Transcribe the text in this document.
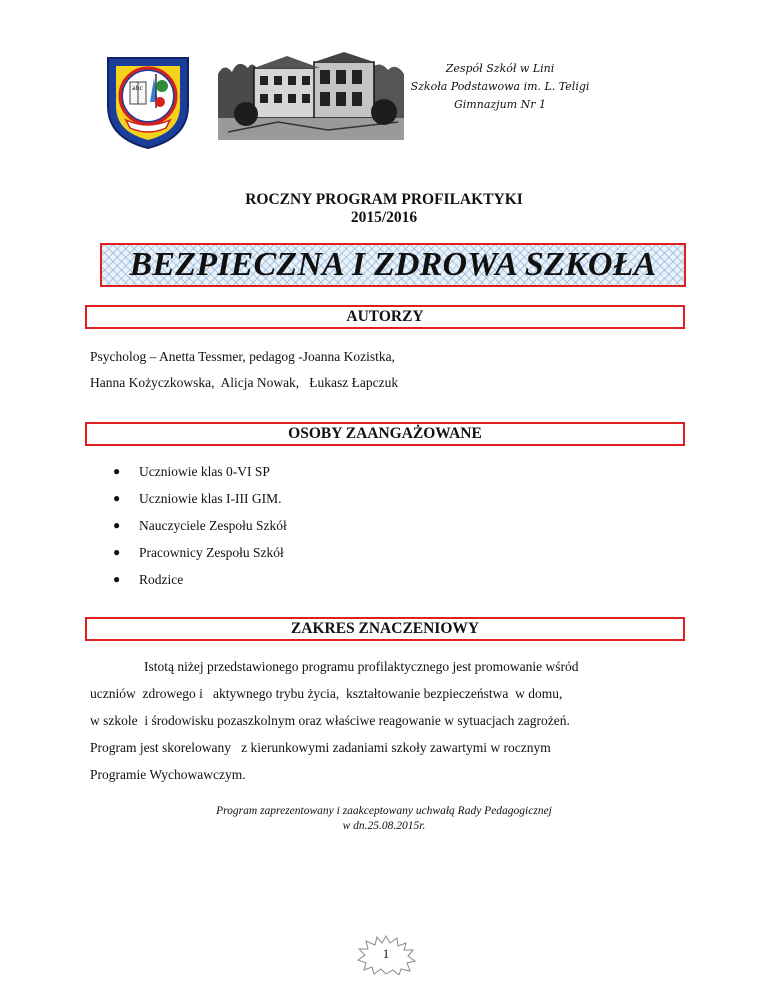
abc
Zespół Szkół w Lini
Szkoła Podstawowa im. L. Teligi
Gimnazjum Nr 1
ROCZNY PROGRAM PROFILAKTYKI
2015/2016
BEZPIECZNA I ZDROWA SZKOŁA
AUTORZY
Psycholog – Anetta Tessmer, pedagog -Joanna Kozistka,
Hanna Kożyczkowska,  Alicja Nowak,   Łukasz Łapczuk
OSOBY ZAANGAŻOWANE
●	Uczniowie klas 0-VI SP
●	Uczniowie klas I-III GIM.
●	Nauczyciele Zespołu Szkół
●	Pracownicy Zespołu Szkół
●	Rodzice
ZAKRES ZNACZENIOWY
Istotą niżej przedstawionego programu profilaktycznego jest promowanie wśród
uczniów  zdrowego i   aktywnego trybu życia,  kształtowanie bezpieczeństwa  w domu,
w szkole  i środowisku pozaszkolnym oraz właściwe reagowanie w sytuacjach zagrożeń.
Program jest skorelowany   z kierunkowymi zadaniami szkoły zawartymi w rocznym
Programie Wychowawczym.
Program zaprezentowany i zaakceptowany uchwałą Rady Pedagogicznej
w dn.25.08.2015r.
1
